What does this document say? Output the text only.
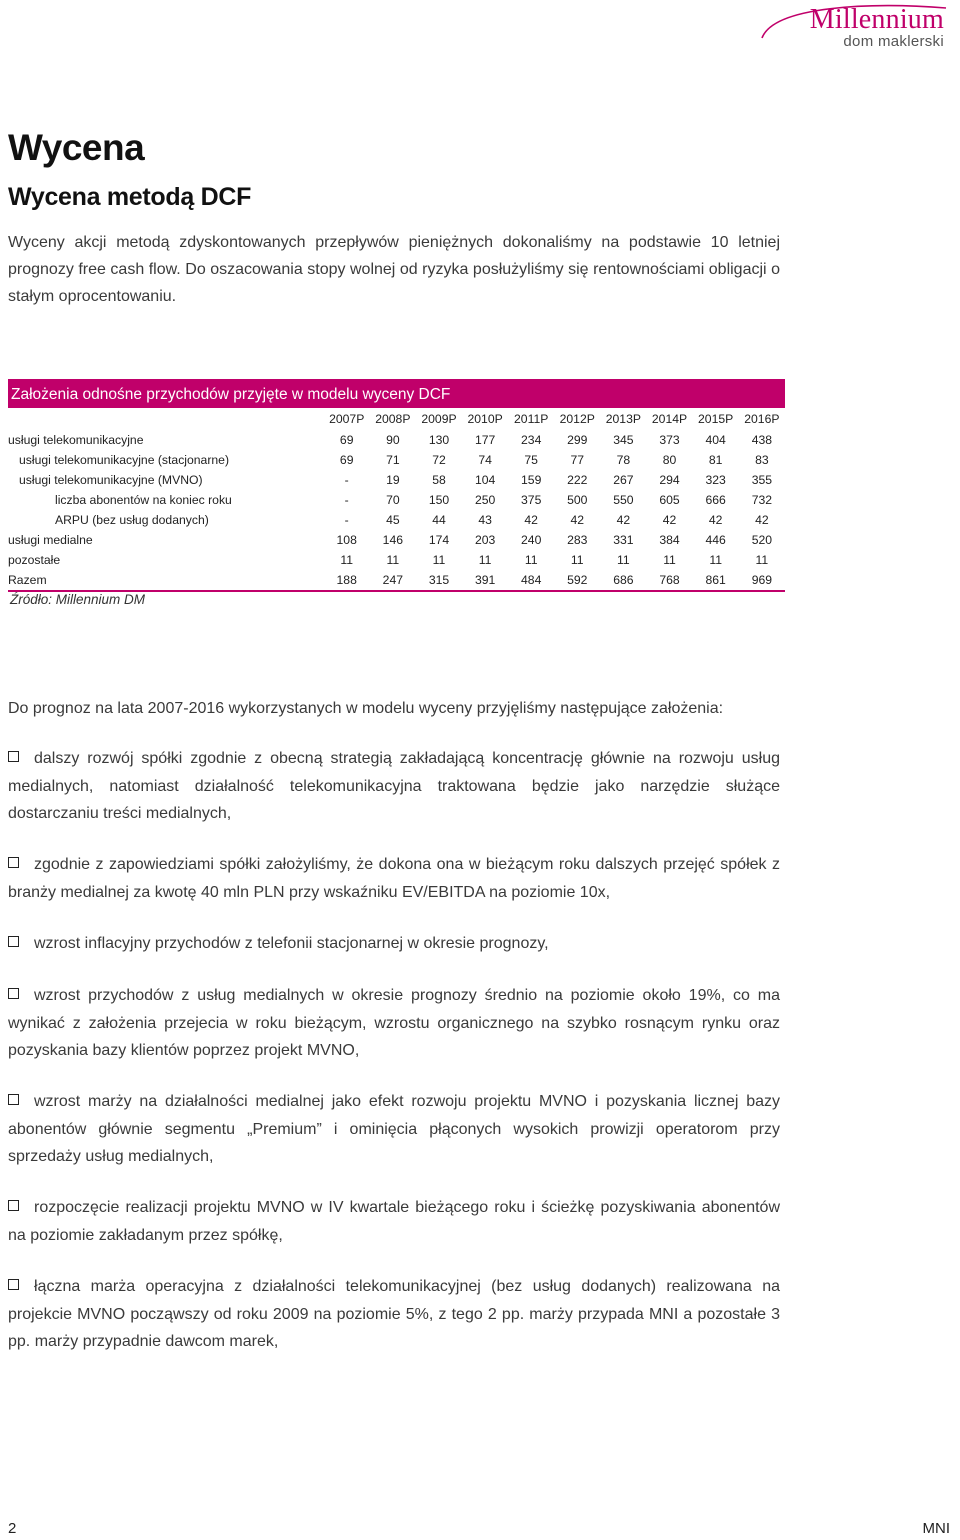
Millennium
dom maklerski
Wycena
Wycena metodą DCF

Wyceny akcji metodą zdyskontowanych przepływów pieniężnych dokonaliśmy na podstawie 10 letniej prognozy free cash flow. Do oszacowania stopy wolnej od ryzyka posłużyliśmy się rentownościami obligacji o stałym oprocentowaniu.

Założenia odnośne przychodów przyjęte w modelu wyceny DCF
	2007P	2008P	2009P	2010P	2011P	2012P	2013P	2014P	2015P	2016P
usługi telekomunikacyjne	69	90	130	177	234	299	345	373	404	438
usługi telekomunikacyjne (stacjonarne)	69	71	72	74	75	77	78	80	81	83
usługi telekomunikacyjne (MVNO)	-	19	58	104	159	222	267	294	323	355
liczba abonentów na koniec roku	-	70	150	250	375	500	550	605	666	732
ARPU (bez usług dodanych)	-	45	44	43	42	42	42	42	42	42
usługi medialne	108	146	174	203	240	283	331	384	446	520
pozostałe	11	11	11	11	11	11	11	11	11	11
Razem	188	247	315	391	484	592	686	768	861	969
Źródło: Millennium DM

Do prognoz na lata 2007-2016 wykorzystanych w modelu wyceny przyjęliśmy następujące założenia:

dalszy rozwój spółki zgodnie z obecną strategią zakładającą koncentrację głównie na rozwoju usług medialnych, natomiast działalność telekomunikacyjna traktowana będzie jako narzędzie służące dostarczaniu treści medialnych,

zgodnie z zapowiedziami spółki założyliśmy, że dokona ona w bieżącym roku dalszych przejęć spółek z branży medialnej za kwotę 40 mln PLN przy wskaźniku EV/EBITDA na poziomie 10x,

wzrost inflacyjny przychodów z telefonii stacjonarnej w okresie prognozy,

wzrost przychodów z usług medialnych w okresie prognozy średnio na poziomie około 19%, co ma wynikać z założenia przejecia w roku bieżącym, wzrostu organicznego na szybko rosnącym rynku oraz pozyskania bazy klientów poprzez projekt MVNO,

wzrost marży na działalności medialnej jako efekt rozwoju projektu MVNO i pozyskania licznej bazy abonentów głównie segmentu „Premium” i ominięcia płąconych wysokich prowizji operatorom przy sprzedaży usług medialnych,

rozpoczęcie realizacji projektu MVNO w IV kwartale bieżącego roku i ścieżkę pozyskiwania abonentów na poziomie zakładanym przez spółkę,

łączna marża operacyjna z działalności telekomunikacyjnej (bez usług dodanych) realizowana na projekcie MVNO począwszy od roku 2009 na poziomie 5%, z tego 2 pp. marży przypada MNI a pozostałe 3 pp. marży przypadnie dawcom marek,

2	MNI
